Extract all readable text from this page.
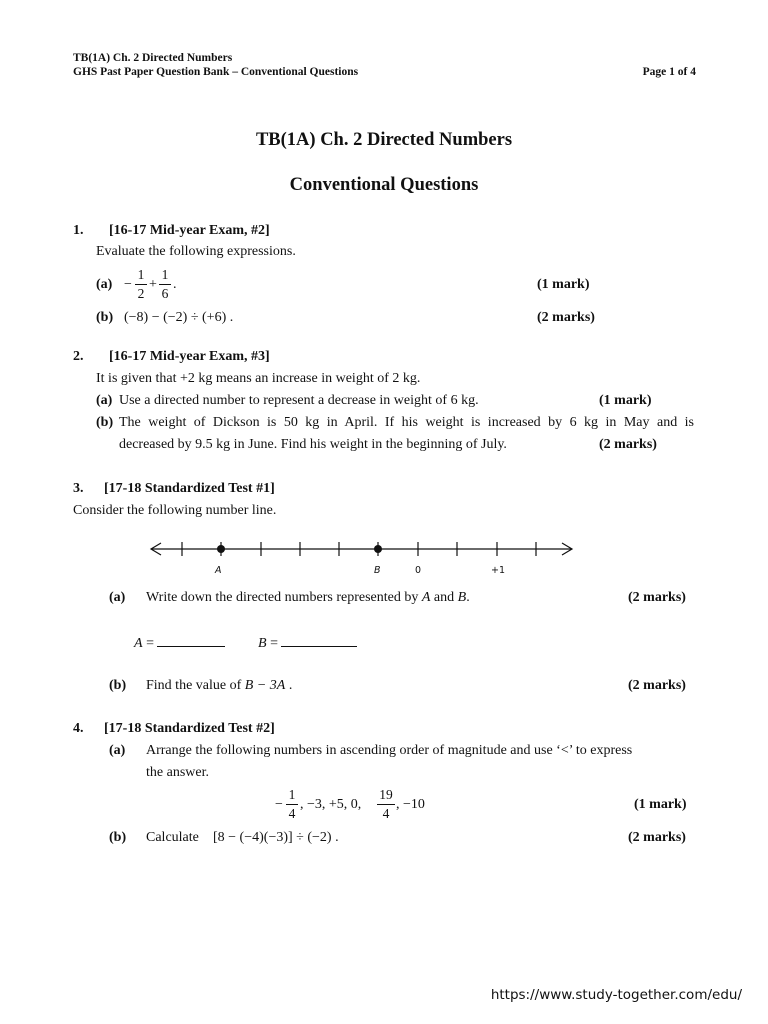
TB(1A) Ch. 2 Directed Numbers
GHS Past Paper Question Bank – Conventional Questions	Page 1 of 4
TB(1A) Ch. 2 Directed Numbers
Conventional Questions
1. [16-17 Mid-year Exam, #2]
Evaluate the following expressions.
(a) −
1
2
+
1
6
.	(1 mark)
(b) (−8) − (−2) ÷ (+6) .	(2 marks)
2. [16-17 Mid-year Exam, #3]
It is given that +2 kg means an increase in weight of 2 kg.
(a) Use a directed number to represent a decrease in weight of 6 kg.	(1 mark)
(b) The weight of Dickson is 50 kg in April. If his weight is increased by 6 kg in May and is
decreased by 9.5 kg in June. Find his weight in the beginning of July.	(2 marks)
3. [17-18 Standardized Test #1]
Consider the following number line.
A	B	0	+1
(a) Write down the directed numbers represented by A and B.	(2 marks)
A =	B =
(b) Find the value of B − 3A .	(2 marks)
4. [17-18 Standardized Test #2]
(a) Arrange the following numbers in ascending order of magnitude and use ‘<’ to express
the answer.
−
1
4
, −3, +5, 0,
19
4
, −10	(1 mark)
(b) Calculate [8 − (−4)(−3)] ÷ (−2) .	(2 marks)
https://www.study-together.com/edu/
